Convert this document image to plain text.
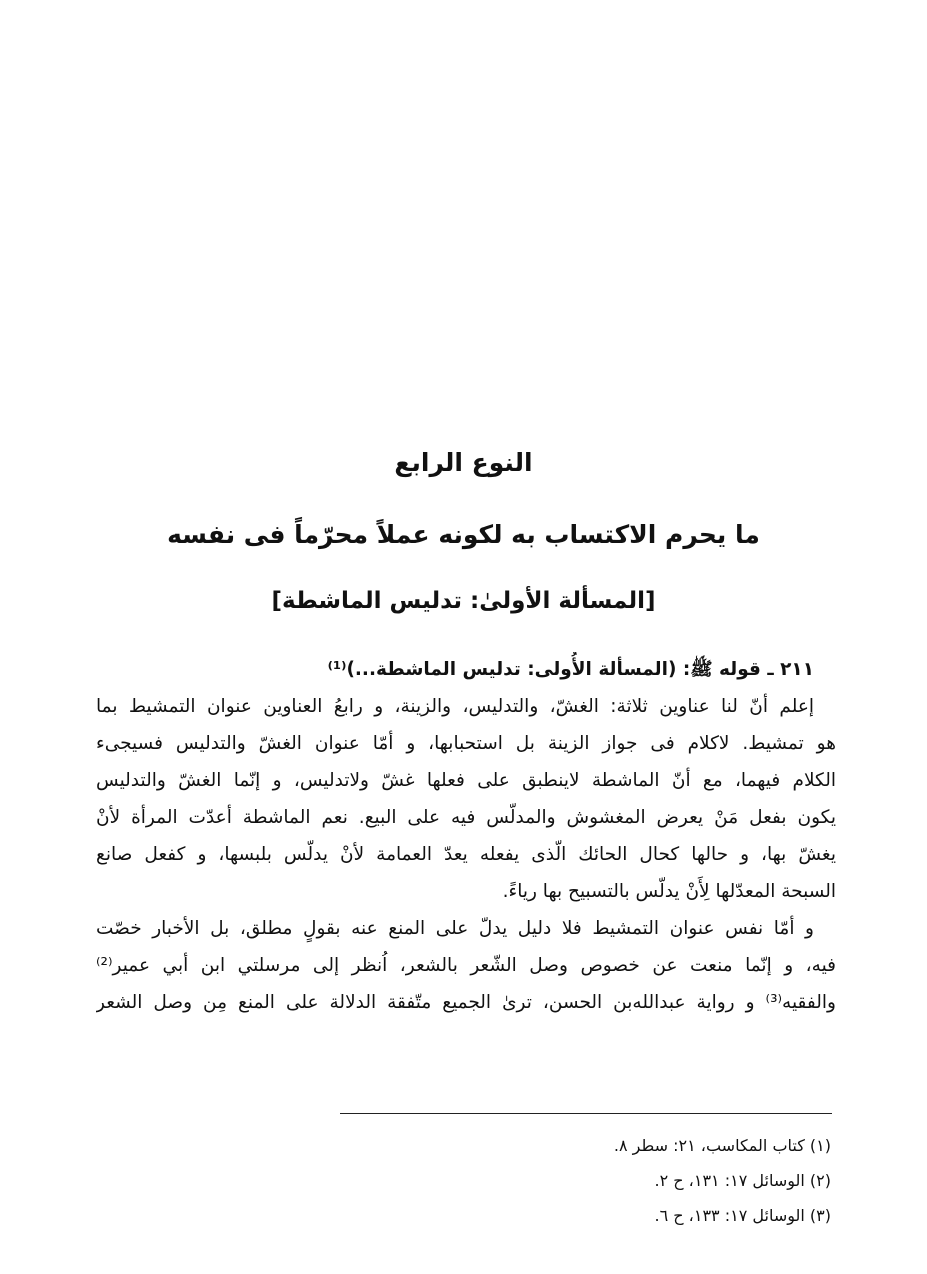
النوع الرابع
ما يحرم الاكتساب به لكونه عملاً محرّماً فى نفسه
[المسألة الأولىٰ: تدليس الماشطة]
٢١١ ـ قوله ﷺ: (المسألة الأُولى: تدليس الماشطة...)⁽¹⁾
إعلم أنّ لنا عناوين ثلاثة: الغشّ، والتدليس، والزينة، و رابعُ العناوين عنوان التمشيط بما
هو تمشيط. لاكلام فى جواز الزينة بل استحبابها، و أمّا عنوان الغشّ والتدليس فسيجىء
الكلام فيهما، مع أنّ الماشطة لاينطبق على فعلها غشّ ولاتدليس، و إنّما الغشّ والتدليس
يكون بفعل مَنْ يعرض المغشوش والمدلّس فيه على البيع. نعم الماشطة أعدّت المرأة لأنْ
يغشّ بها، و حالها كحال الحائك الّذى يفعله يعدّ العمامة لأنْ يدلّس بلبسها، و كفعل صانع
السبحة المعدّلها لِأَنْ يدلّس بالتسبيح بها رياءً.
و أمّا نفس عنوان التمشيط فلا دليل يدلّ على المنع عنه بقولٍ مطلق، بل الأخبار خصّت
فيه، و إنّما منعت عن خصوص وصل الشّعر بالشعر، اُنظر إلى مرسلتي ابن أبي عمير⁽²⁾
والفقيه⁽³⁾ و رواية عبدالله‌بن الحسن، ترىٰ الجميع متّفقة الدلالة على المنع مِن وصل الشعر
(١) كتاب المكاسب، ٢١: سطر ٨.
(٢) الوسائل ١٧: ١٣١، ح ٢.
(٣) الوسائل ١٧: ١٣٣، ح ٦.
